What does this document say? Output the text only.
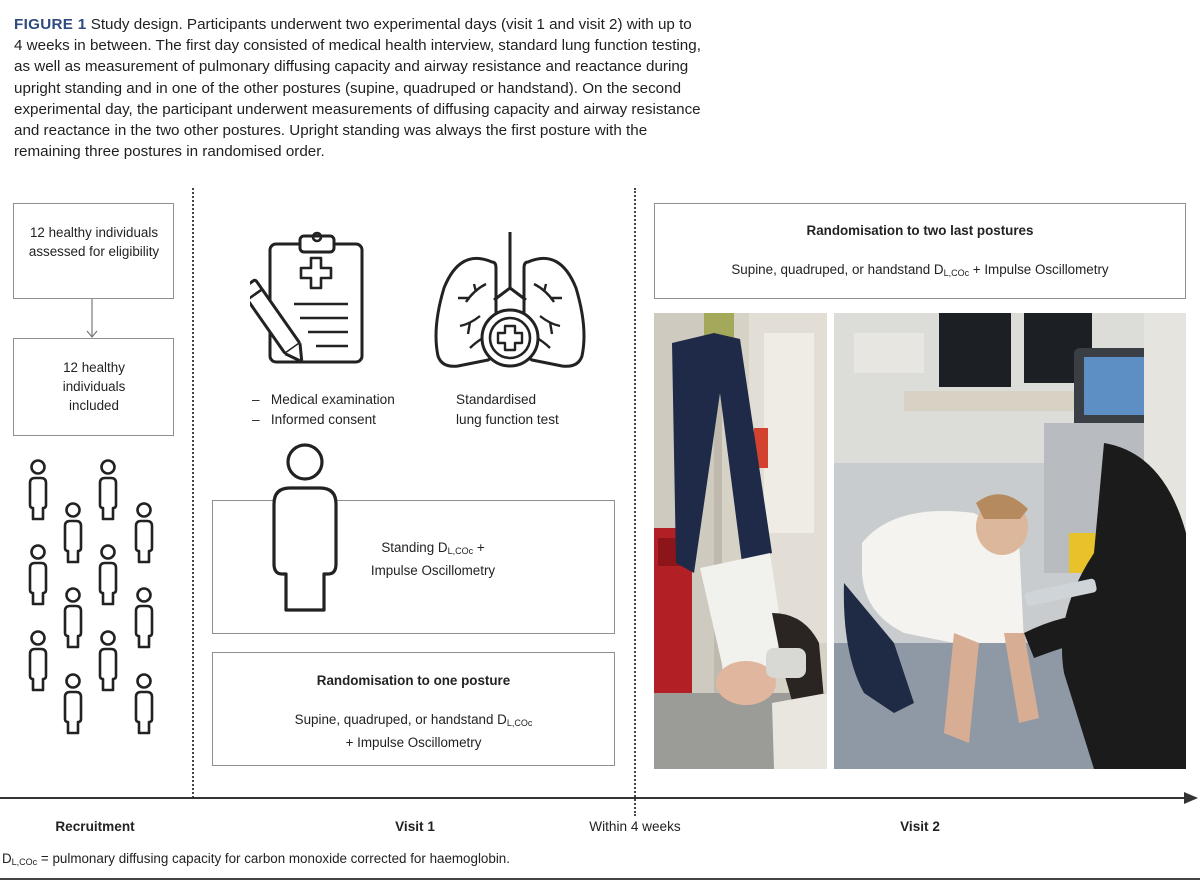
FIGURE 1 Study design. Participants underwent two experimental days (visit 1 and visit 2) with up to 4 weeks in between. The first day consisted of medical health interview, standard lung function testing, as well as measurement of pulmonary diffusing capacity and airway resistance and reactance during upright standing and in one of the other postures (supine, quadruped or handstand). On the second experimental day, the participant underwent measurements of diffusing capacity and airway resistance and reactance in the two other postures. Upright standing was always the first posture with the remaining three postures in randomised order.
12 healthy individuals assessed for eligibility
12 healthy individuals included	–   Medical examination
–   Informed consent
Standardised
lung function test
Standing $D_{L,COc}$ +
Impulse Oscillometry
Randomisation to one posture
Supine, quadruped, or handstand $D_{L,COc}$
+ Impulse Oscillometry
Randomisation to two last postures
Supine, quadruped, or handstand $D_{L,COc}$ + Impulse Oscillometry
Recruitment	Visit 1	Within 4 weeks	Visit 2
$D_{L,COc}$ = pulmonary diffusing capacity for carbon monoxide corrected for haemoglobin.
